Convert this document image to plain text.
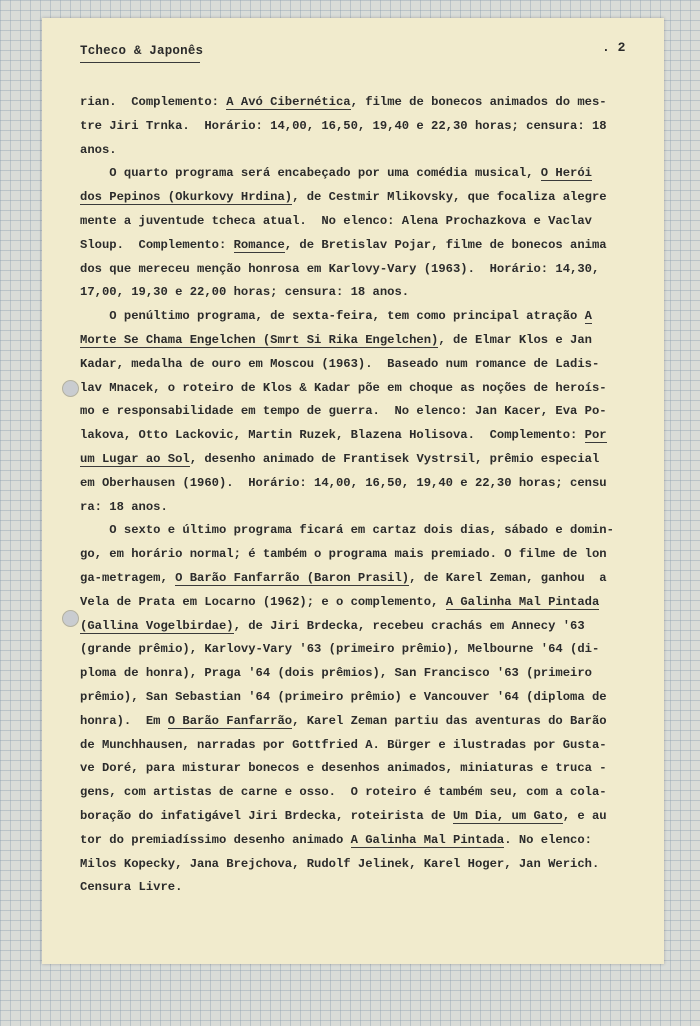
Tcheco & Japonês	. 2
rian.  Complemento: A Avó Cibernética, filme de bonecos animados do mes-
tre Jiri Trnka.  Horário: 14,00, 16,50, 19,40 e 22,30 horas; censura: 18
anos.
O quarto programa será encabeçado por uma comédia musical, O Herói
dos Pepinos (Okurkovy Hrdina), de Cestmir Mlikovsky, que focaliza alegre
mente a juventude tcheca atual.  No elenco: Alena Prochazkova e Vaclav
Sloup.  Complemento: Romance, de Bretislav Pojar, filme de bonecos anima
dos que mereceu menção honrosa em Karlovy-Vary (1963).  Horário: 14,30,
17,00, 19,30 e 22,00 horas; censura: 18 anos.
O penúltimo programa, de sexta-feira, tem como principal atração A
Morte Se Chama Engelchen (Smrt Si Rika Engelchen), de Elmar Klos e Jan
Kadar, medalha de ouro em Moscou (1963).  Baseado num romance de Ladis-
lav Mnacek, o roteiro de Klos & Kadar põe em choque as noções de heroís-
mo e responsabilidade em tempo de guerra.  No elenco: Jan Kacer, Eva Po-
lakova, Otto Lackovic, Martin Ruzek, Blazena Holisova.  Complemento: Por
um Lugar ao Sol, desenho animado de Frantisek Vystrsil, prêmio especial
em Oberhausen (1960).  Horário: 14,00, 16,50, 19,40 e 22,30 horas; censu
ra: 18 anos.
O sexto e último programa ficará em cartaz dois dias, sábado e domin-
go, em horário normal; é também o programa mais premiado. O filme de lon
ga-metragem, O Barão Fanfarrão (Baron Prasil), de Karel Zeman, ganhou  a
Vela de Prata em Locarno (1962); e o complemento, A Galinha Mal Pintada
(Gallina Vogelbirdae), de Jiri Brdecka, recebeu crachás em Annecy '63
(grande prêmio), Karlovy-Vary '63 (primeiro prêmio), Melbourne '64 (di-
ploma de honra), Praga '64 (dois prêmios), San Francisco '63 (primeiro
prêmio), San Sebastian '64 (primeiro prêmio) e Vancouver '64 (diploma de
honra).  Em O Barão Fanfarrão, Karel Zeman partiu das aventuras do Barão
de Munchhausen, narradas por Gottfried A. Bürger e ilustradas por Gusta-
ve Doré, para misturar bonecos e desenhos animados, miniaturas e truca -
gens, com artistas de carne e osso.  O roteiro é também seu, com a cola-
boração do infatigável Jiri Brdecka, roteirista de Um Dia, um Gato, e au
tor do premiadíssimo desenho animado A Galinha Mal Pintada. No elenco:
Milos Kopecky, Jana Brejchova, Rudolf Jelinek, Karel Hoger, Jan Werich.
Censura Livre.
